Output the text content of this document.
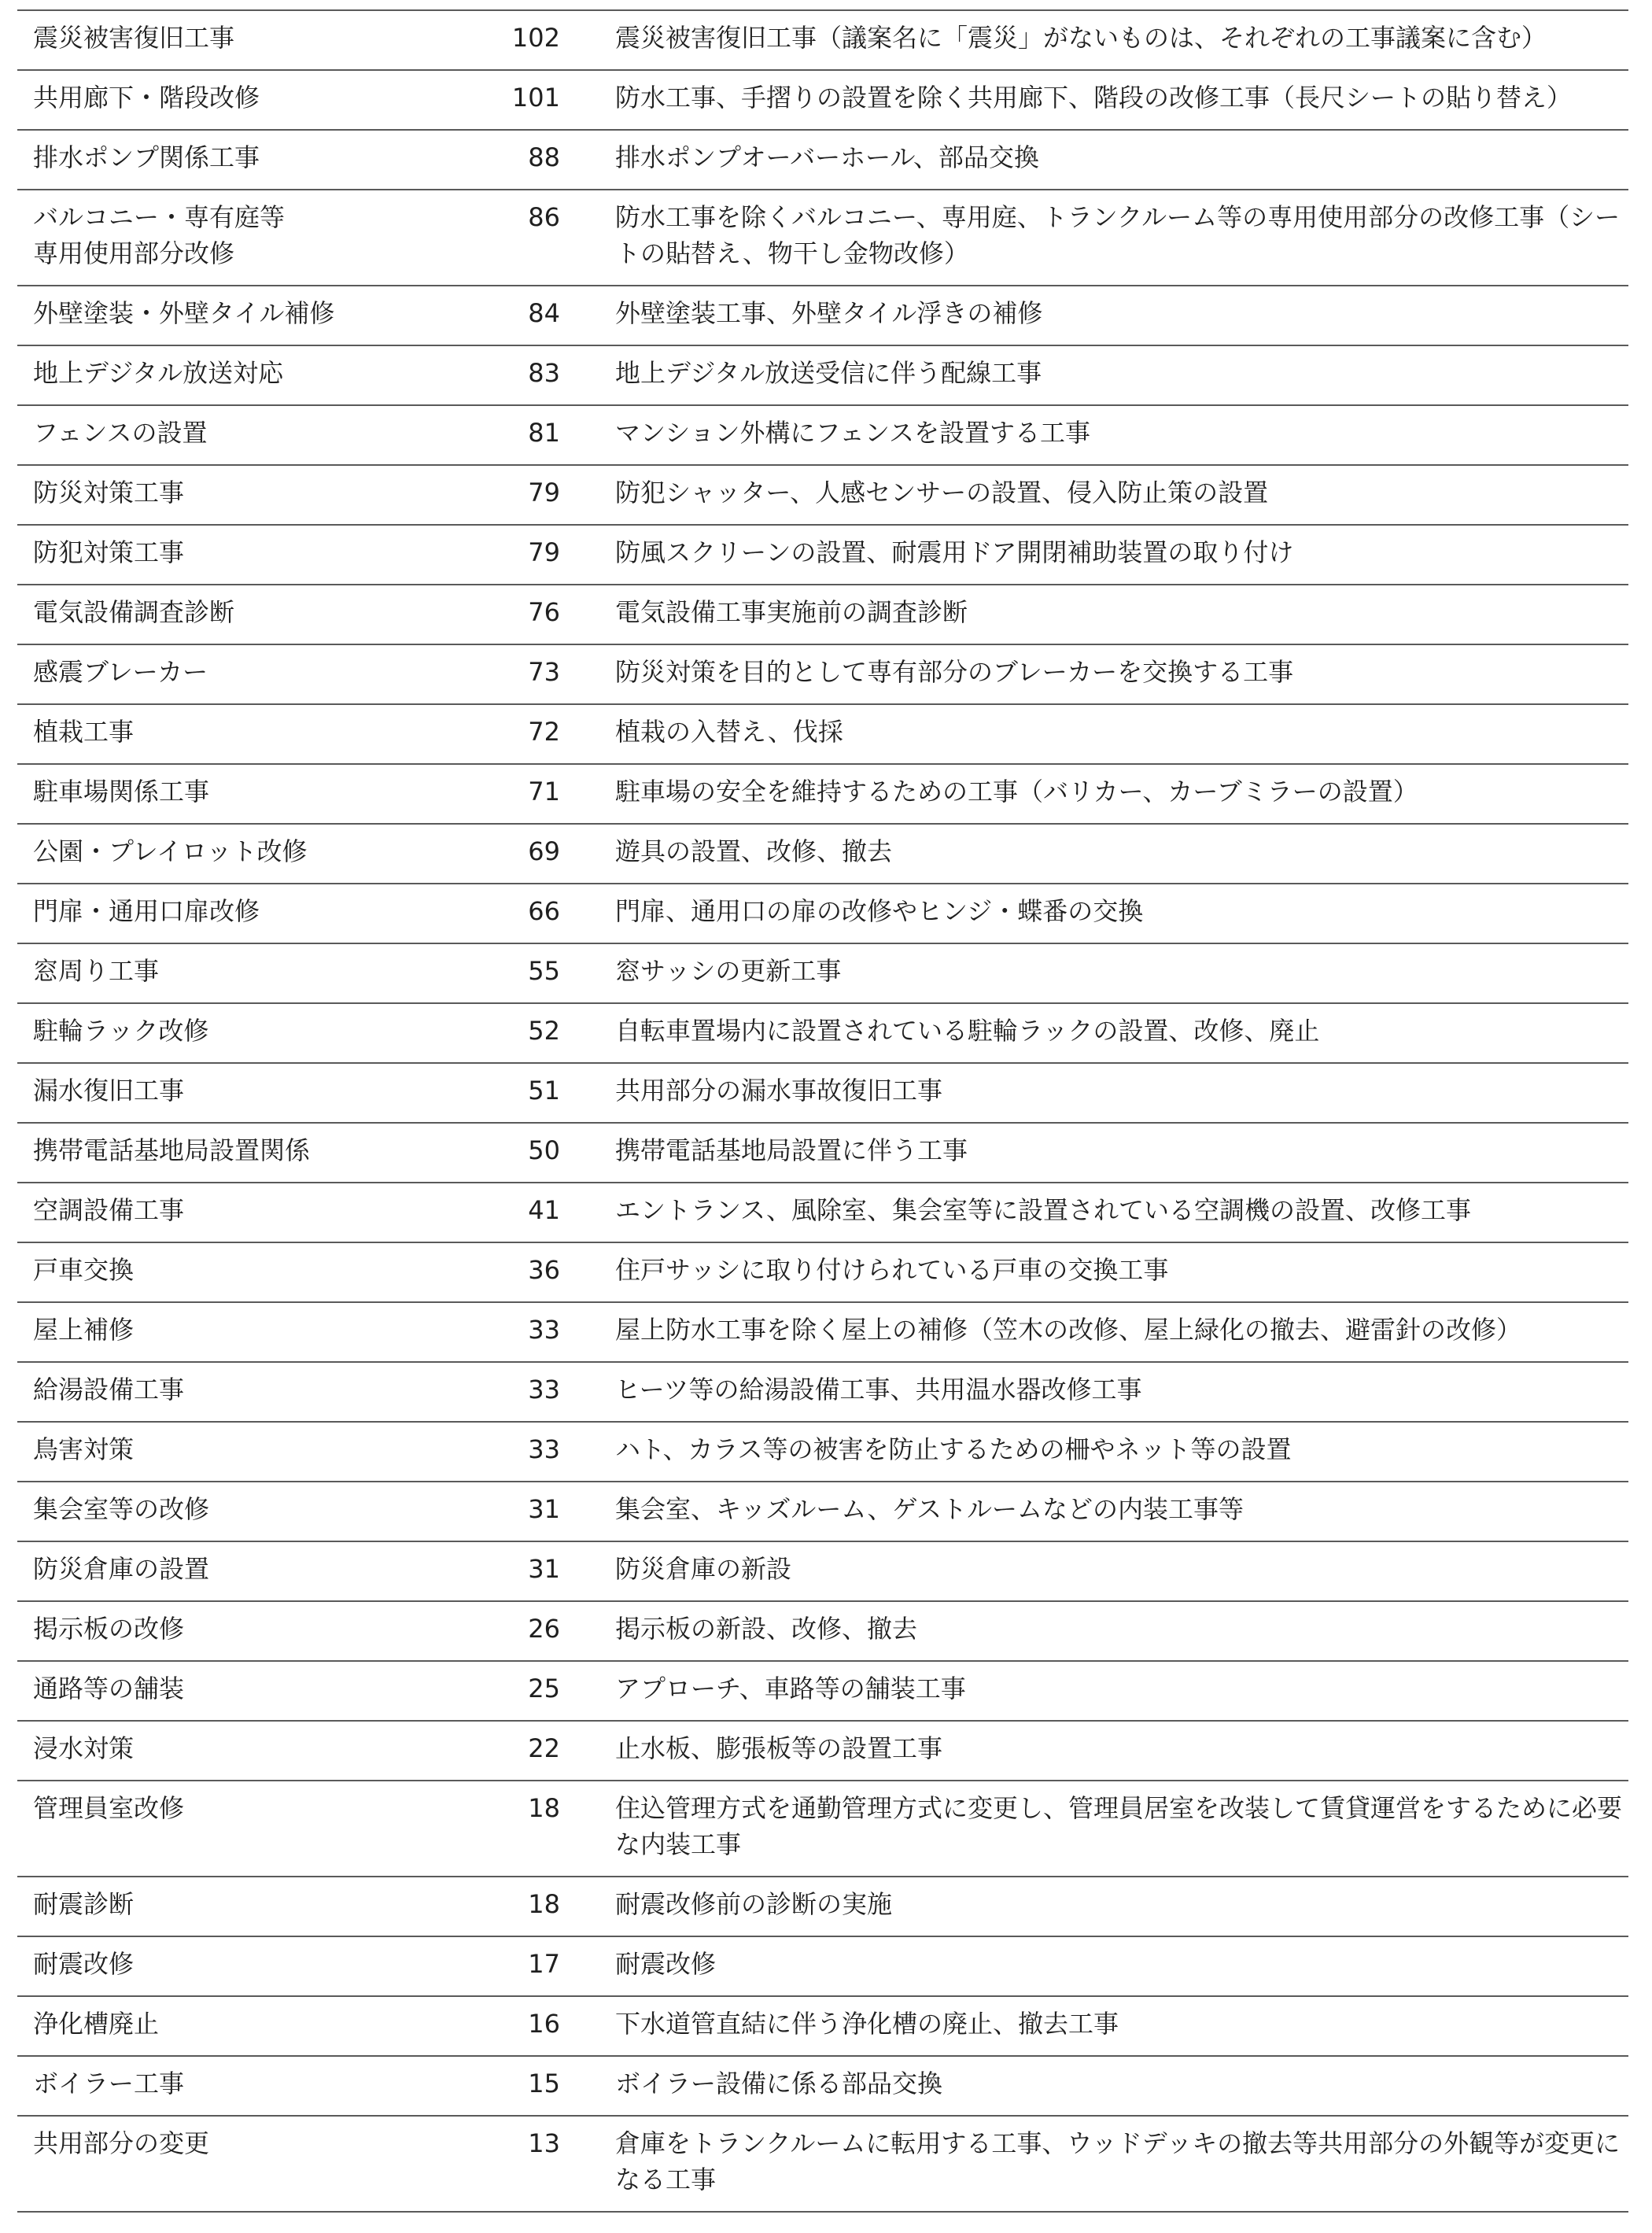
震災被害復旧工事	102	震災被害復旧工事（議案名に「震災」がないものは、それぞれの工事議案に含む）
共用廊下・階段改修	101	防水工事、手摺りの設置を除く共用廊下、階段の改修工事（長尺シートの貼り替え）
排水ポンプ関係工事	88	排水ポンプオーバーホール、部品交換
バルコニー・専有庭等
専用使用部分改修	86	防水工事を除くバルコニー、専用庭、トランクルーム等の専用使用部分の改修工事（シートの貼替え、物干し金物改修）
外壁塗装・外壁タイル補修	84	外壁塗装工事、外壁タイル浮きの補修
地上デジタル放送対応	83	地上デジタル放送受信に伴う配線工事
フェンスの設置	81	マンション外構にフェンスを設置する工事
防災対策工事	79	防犯シャッター、人感センサーの設置、侵入防止策の設置
防犯対策工事	79	防風スクリーンの設置、耐震用ドア開閉補助装置の取り付け
電気設備調査診断	76	電気設備工事実施前の調査診断
感震ブレーカー	73	防災対策を目的として専有部分のブレーカーを交換する工事
植栽工事	72	植栽の入替え、伐採
駐車場関係工事	71	駐車場の安全を維持するための工事（バリカー、カーブミラーの設置）
公園・プレイロット改修	69	遊具の設置、改修、撤去
門扉・通用口扉改修	66	門扉、通用口の扉の改修やヒンジ・蝶番の交換
窓周り工事	55	窓サッシの更新工事
駐輪ラック改修	52	自転車置場内に設置されている駐輪ラックの設置、改修、廃止
漏水復旧工事	51	共用部分の漏水事故復旧工事
携帯電話基地局設置関係	50	携帯電話基地局設置に伴う工事
空調設備工事	41	エントランス、風除室、集会室等に設置されている空調機の設置、改修工事
戸車交換	36	住戸サッシに取り付けられている戸車の交換工事
屋上補修	33	屋上防水工事を除く屋上の補修（笠木の改修、屋上緑化の撤去、避雷針の改修）
給湯設備工事	33	ヒーツ等の給湯設備工事、共用温水器改修工事
鳥害対策	33	ハト、カラス等の被害を防止するための柵やネット等の設置
集会室等の改修	31	集会室、キッズルーム、ゲストルームなどの内装工事等
防災倉庫の設置	31	防災倉庫の新設
掲示板の改修	26	掲示板の新設、改修、撤去
通路等の舗装	25	アプローチ、車路等の舗装工事
浸水対策	22	止水板、膨張板等の設置工事
管理員室改修	18	住込管理方式を通勤管理方式に変更し、管理員居室を改装して賃貸運営をするために必要な内装工事
耐震診断	18	耐震改修前の診断の実施
耐震改修	17	耐震改修
浄化槽廃止	16	下水道管直結に伴う浄化槽の廃止、撤去工事
ボイラー工事	15	ボイラー設備に係る部品交換
共用部分の変更	13	倉庫をトランクルームに転用する工事、ウッドデッキの撤去等共用部分の外観等が変更になる工事
